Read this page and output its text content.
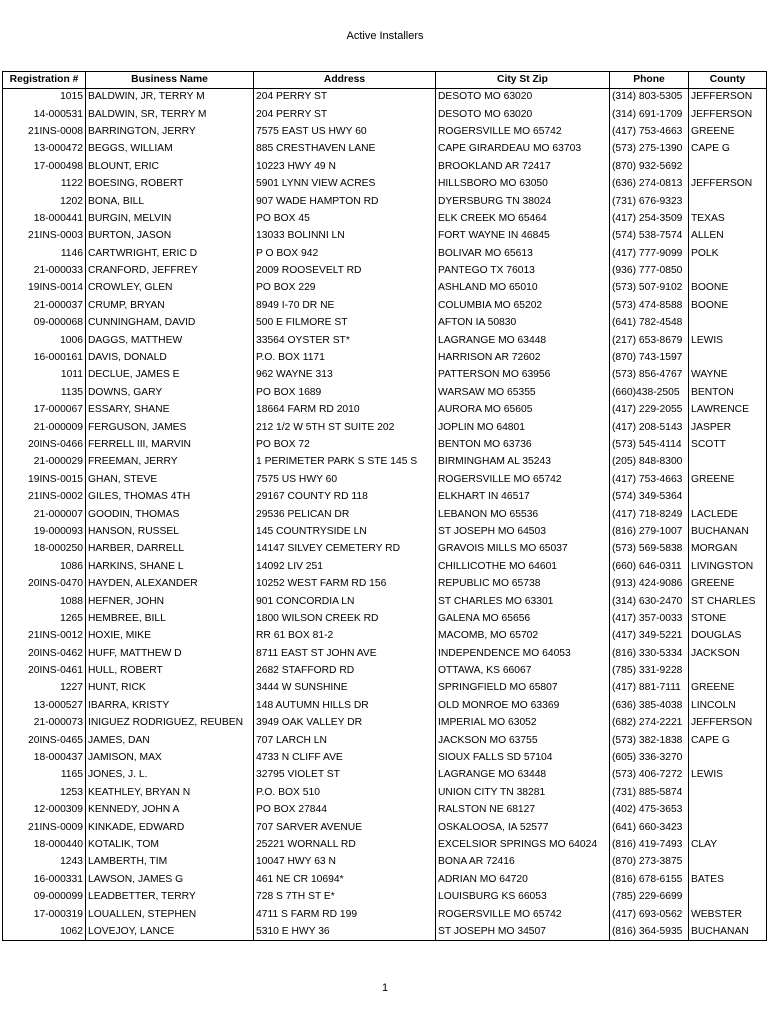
Active Installers
Registration #	Business Name	Address	City St Zip	Phone	County
1015	BALDWIN, JR, TERRY M	204 PERRY ST	DESOTO MO 63020	(314) 803-5305	JEFFERSON
14-000531	BALDWIN, SR, TERRY M	204 PERRY ST	DESOTO MO 63020	(314) 691-1709	JEFFERSON
21INS-0008	BARRINGTON, JERRY	7575 EAST US HWY 60	ROGERSVILLE MO 65742	(417) 753-4663	GREENE
13-000472	BEGGS, WILLIAM	885 CRESTHAVEN LANE	CAPE GIRARDEAU MO 63703	(573) 275-1390	CAPE G
17-000498	BLOUNT, ERIC	10223 HWY 49 N	BROOKLAND AR 72417	(870) 932-5692	
1122	BOESING, ROBERT	5901 LYNN VIEW ACRES	HILLSBORO MO 63050	(636) 274-0813	JEFFERSON
1202	BONA, BILL	907 WADE HAMPTON RD	DYERSBURG TN 38024	(731) 676-9323	
18-000441	BURGIN, MELVIN	PO BOX 45	ELK CREEK MO 65464	(417) 254-3509	TEXAS
21INS-0003	BURTON, JASON	13033 BOLINNI LN	FORT WAYNE IN 46845	(574) 538-7574	ALLEN
1146	CARTWRIGHT, ERIC D	P O BOX 942	BOLIVAR MO 65613	(417) 777-9099	POLK
21-000033	CRANFORD, JEFFREY	2009 ROOSEVELT RD	PANTEGO TX 76013	(936) 777-0850	
19INS-0014	CROWLEY, GLEN	PO BOX 229	ASHLAND MO 65010	(573) 507-9102	BOONE
21-000037	CRUMP, BRYAN	8949 I-70 DR NE	COLUMBIA MO 65202	(573) 474-8588	BOONE
09-000068	CUNNINGHAM, DAVID	500 E FILMORE ST	AFTON IA 50830	(641) 782-4548	
1006	DAGGS, MATTHEW	33564 OYSTER ST*	LAGRANGE MO 63448	(217) 653-8679	LEWIS
16-000161	DAVIS, DONALD	P.O. BOX 1171	HARRISON AR 72602	(870) 743-1597	
1011	DECLUE, JAMES E	962 WAYNE 313	PATTERSON MO 63956	(573) 856-4767	WAYNE
1135	DOWNS, GARY	PO BOX 1689	WARSAW MO 65355	(660)438-2505	BENTON
17-000067	ESSARY, SHANE	18664 FARM RD 2010	AURORA MO 65605	(417) 229-2055	LAWRENCE
21-000009	FERGUSON, JAMES	212 1/2 W 5TH ST SUITE 202	JOPLIN MO 64801	(417) 208-5143	JASPER
20INS-0466	FERRELL III, MARVIN	PO BOX 72	BENTON MO 63736	(573) 545-4114	SCOTT
21-000029	FREEMAN, JERRY	1 PERIMETER PARK S STE 145 S	BIRMINGHAM AL 35243	(205) 848-8300	
19INS-0015	GHAN, STEVE	7575 US HWY 60	ROGERSVILLE MO 65742	(417) 753-4663	GREENE
21INS-0002	GILES, THOMAS 4TH	29167 COUNTY RD 118	ELKHART IN 46517	(574) 349-5364	
21-000007	GOODIN, THOMAS	29536 PELICAN DR	LEBANON MO 65536	(417) 718-8249	LACLEDE
19-000093	HANSON, RUSSEL	145 COUNTRYSIDE LN	ST JOSEPH MO 64503	(816) 279-1007	BUCHANAN
18-000250	HARBER, DARRELL	14147 SILVEY CEMETERY RD	GRAVOIS MILLS MO 65037	(573) 569-5838	MORGAN
1086	HARKINS, SHANE L	14092 LIV 251	CHILLICOTHE MO 64601	(660) 646-0311	LIVINGSTON
20INS-0470	HAYDEN, ALEXANDER	10252 WEST FARM RD 156	REPUBLIC MO 65738	(913) 424-9086	GREENE
1088	HEFNER, JOHN	901 CONCORDIA LN	ST CHARLES MO 63301	(314) 630-2470	ST CHARLES
1265	HEMBREE, BILL	1800 WILSON CREEK RD	GALENA MO 65656	(417) 357-0033	STONE
21INS-0012	HOXIE, MIKE	RR 61 BOX 81-2	MACOMB, MO 65702	(417) 349-5221	DOUGLAS
20INS-0462	HUFF, MATTHEW D	8711 EAST ST JOHN AVE	INDEPENDENCE MO 64053	(816) 330-5334	JACKSON
20INS-0461	HULL, ROBERT	2682 STAFFORD RD	OTTAWA, KS 66067	(785) 331-9228	
1227	HUNT, RICK	3444 W SUNSHINE	SPRINGFIELD MO 65807	(417) 881-7111	GREENE
13-000527	IBARRA, KRISTY	148 AUTUMN HILLS DR	OLD MONROE MO 63369	(636) 385-4038	LINCOLN
21-000073	INIGUEZ RODRIGUEZ, REUBEN	3949 OAK VALLEY DR	IMPERIAL MO 63052	(682) 274-2221	JEFFERSON
20INS-0465	JAMES, DAN	707 LARCH LN	JACKSON MO 63755	(573) 382-1838	CAPE G
18-000437	JAMISON, MAX	4733 N CLIFF AVE	SIOUX FALLS SD 57104	(605) 336-3270	
1165	JONES, J. L.	32795 VIOLET ST	LAGRANGE MO 63448	(573) 406-7272	LEWIS
1253	KEATHLEY, BRYAN N	P.O. BOX 510	UNION CITY TN 38281	(731) 885-5874	
12-000309	KENNEDY, JOHN A	PO BOX 27844	RALSTON NE 68127	(402) 475-3653	
21INS-0009	KINKADE, EDWARD	707 SARVER AVENUE	OSKALOOSA, IA 52577	(641) 660-3423	
18-000440	KOTALIK, TOM	25221 WORNALL RD	EXCELSIOR SPRINGS MO 64024	(816) 419-7493	CLAY
1243	LAMBERTH, TIM	10047 HWY 63 N	BONA AR 72416	(870) 273-3875	
16-000331	LAWSON, JAMES G	461 NE CR 10694*	ADRIAN MO 64720	(816) 678-6155	BATES
09-000099	LEADBETTER, TERRY	728 S 7TH ST E*	LOUISBURG KS 66053	(785) 229-6699	
17-000319	LOUALLEN, STEPHEN	4711 S FARM RD 199	ROGERSVILLE MO 65742	(417) 693-0562	WEBSTER
1062	LOVEJOY, LANCE	5310 E HWY 36	ST JOSEPH MO 34507	(816) 364-5935	BUCHANAN
1
